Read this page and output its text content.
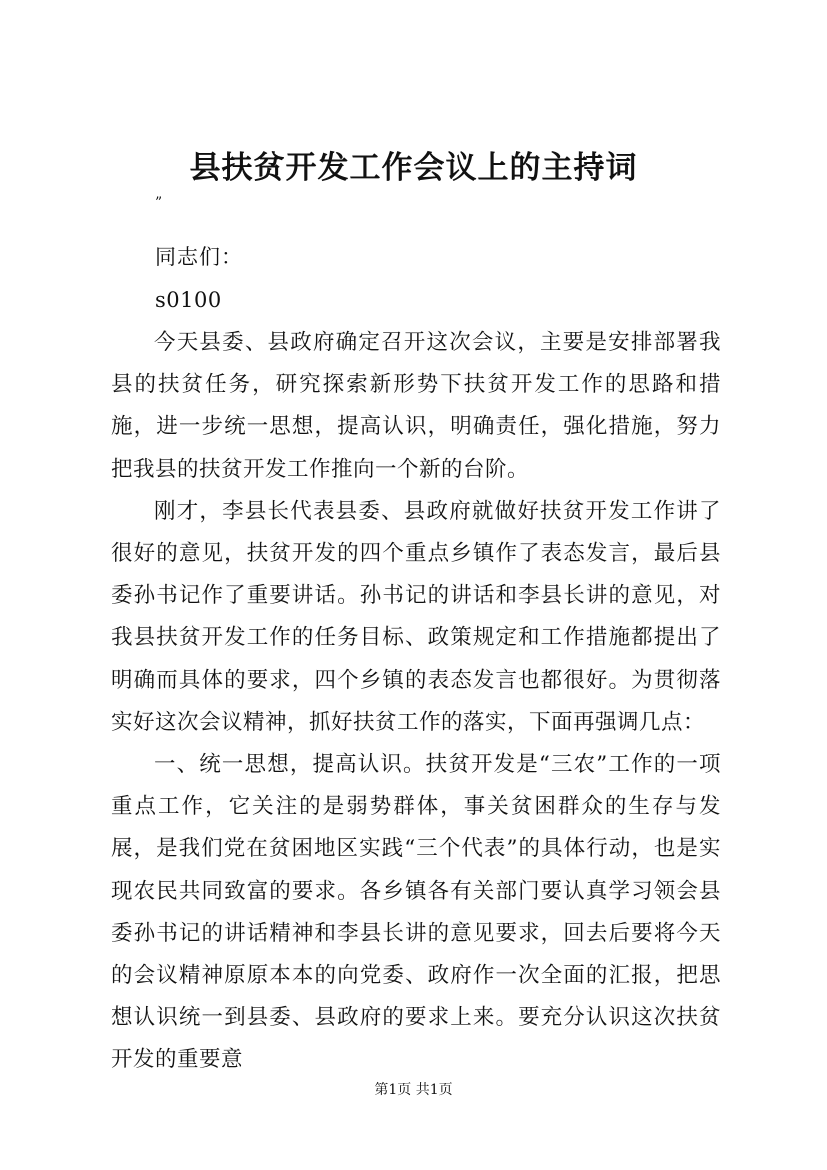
县扶贫开发工作会议上的主持词
”
同志们：
s0100

今天县委、县政府确定召开这次会议，主要是安排部署我县的扶贫任务，研究探索新形势下扶贫开发工作的思路和措施，进一步统一思想，提高认识，明确责任，强化措施，努力把我县的扶贫开发工作推向一个新的台阶。

刚才，李县长代表县委、县政府就做好扶贫开发工作讲了很好的意见，扶贫开发的四个重点乡镇作了表态发言，最后县委孙书记作了重要讲话。孙书记的讲话和李县长讲的意见，对我县扶贫开发工作的任务目标、政策规定和工作措施都提出了明确而具体的要求，四个乡镇的表态发言也都很好。为贯彻落实好这次会议精神，抓好扶贫工作的落实，下面再强调几点：

一、统一思想，提高认识。扶贫开发是“三农”工作的一项重点工作，它关注的是弱势群体，事关贫困群众的生存与发展，是我们党在贫困地区实践“三个代表”的具体行动，也是实现农民共同致富的要求。各乡镇各有关部门要认真学习领会县委孙书记的讲话精神和李县长讲的意见要求，回去后要将今天的会议精神原原本本的向党委、政府作一次全面的汇报，把思想认识统一到县委、县政府的要求上来。要充分认识这次扶贫开发的重要意

第1页 共1页
